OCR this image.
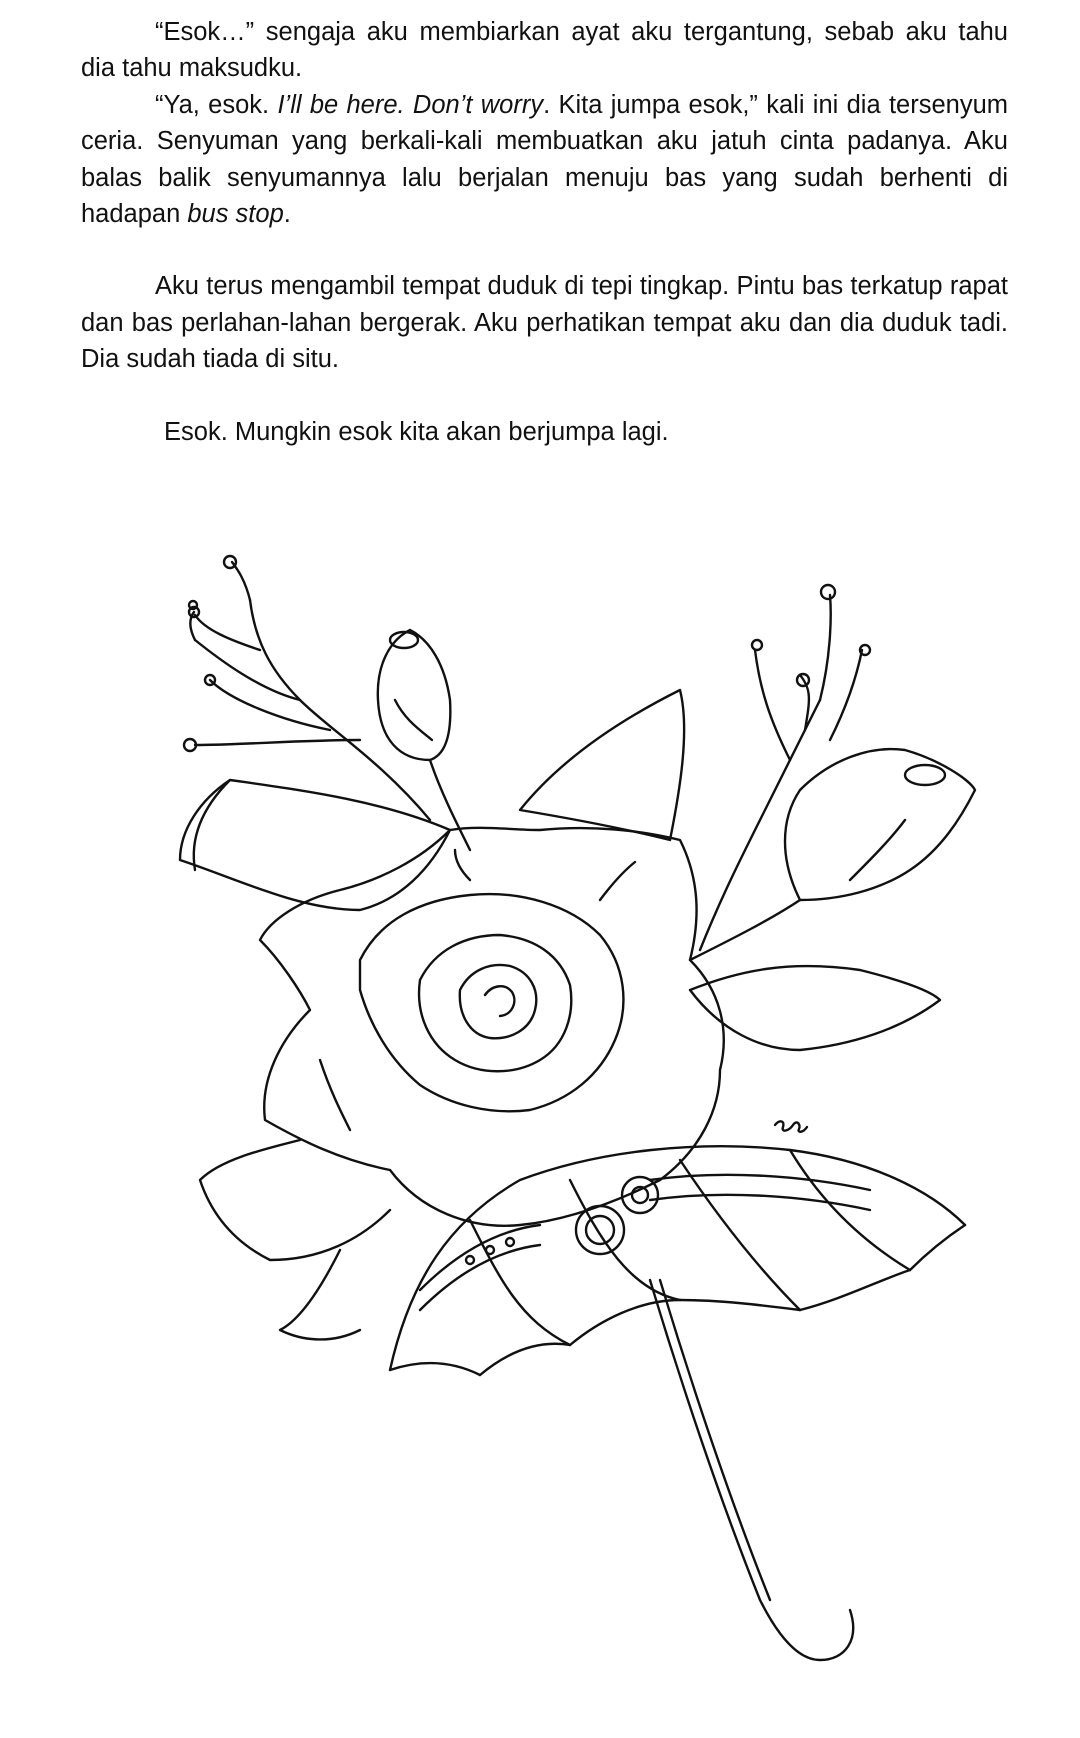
“Esok…” sengaja aku membiarkan ayat aku tergantung, sebab aku tahu dia tahu maksudku.

“Ya, esok. I’ll be here. Don’t worry. Kita jumpa esok,” kali ini dia tersenyum ceria. Senyuman yang berkali-kali membuatkan aku jatuh cinta padanya. Aku balas balik senyumannya lalu berjalan menuju bas yang sudah berhenti di hadapan bus stop.

Aku terus mengambil tempat duduk di tepi tingkap. Pintu bas terkatup rapat dan bas perlahan-lahan bergerak. Aku perhatikan tempat aku dan dia duduk tadi. Dia sudah tiada di situ.

Esok. Mungkin esok kita akan berjumpa lagi.
